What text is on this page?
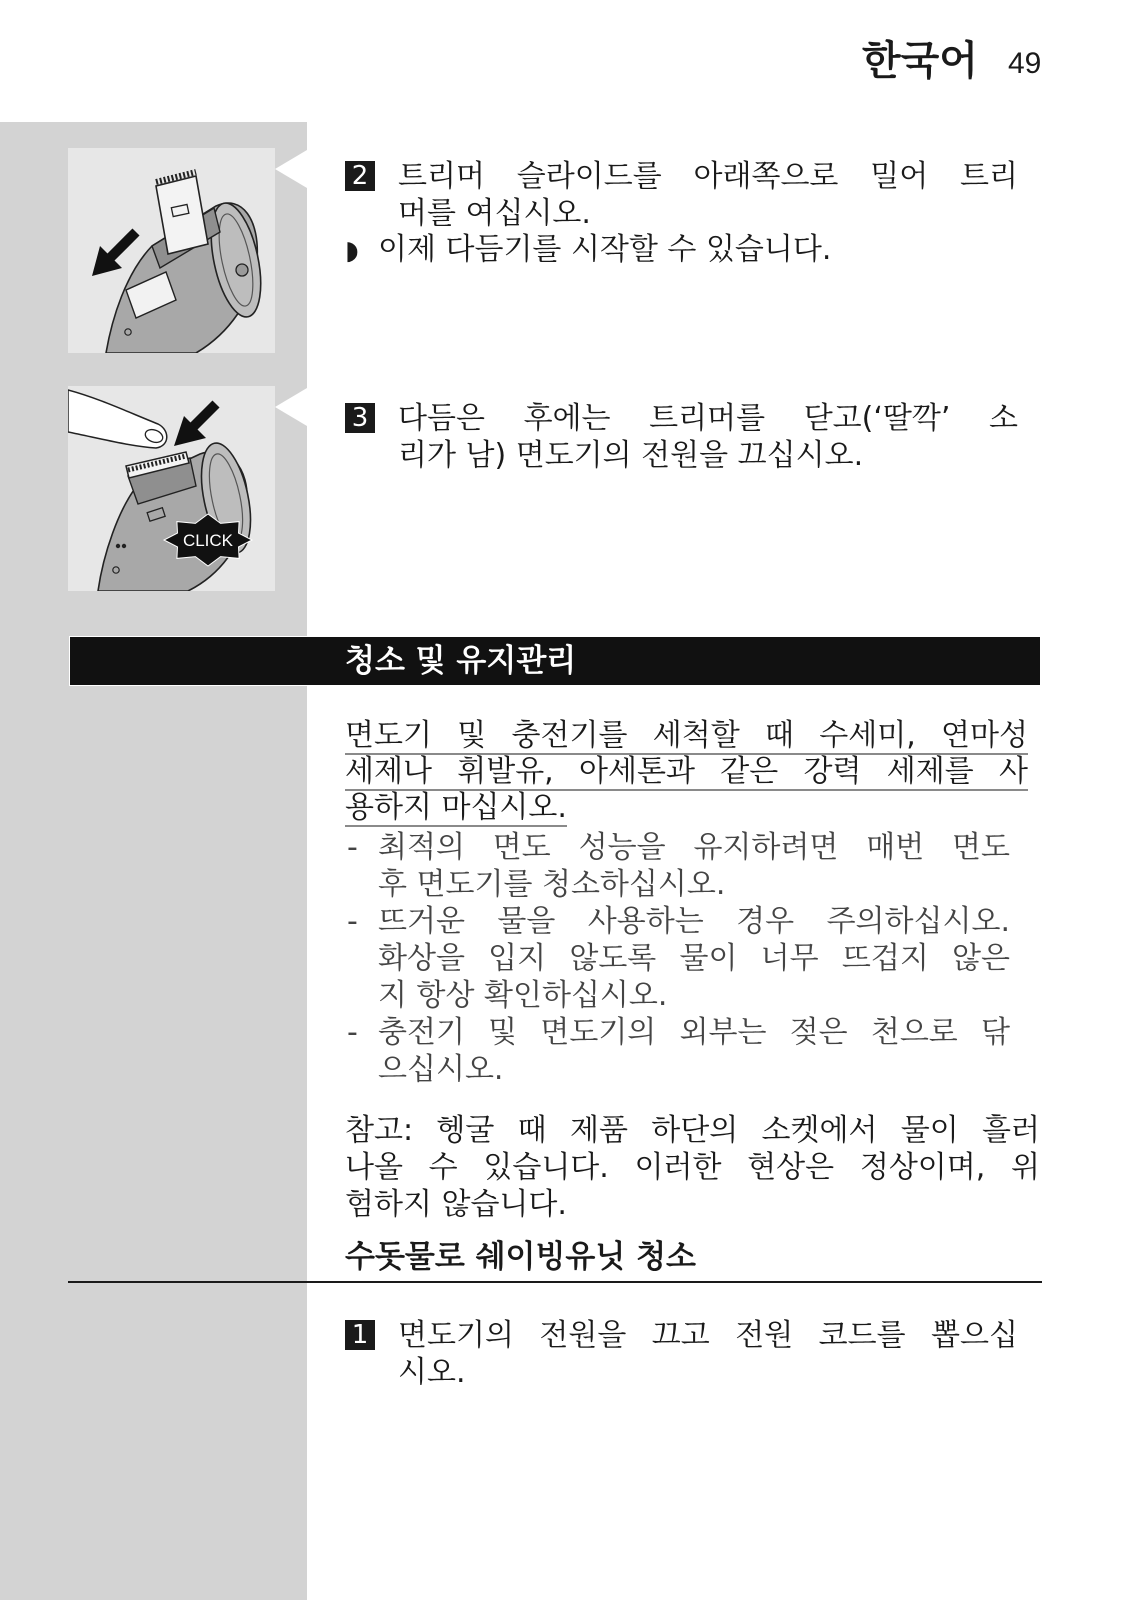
한국어 49
CLICK
2 트리머 슬라이드를 아래쪽으로 밀어 트리
머를 여십시오.
◗ 이제 다듬기를 시작할 수 있습니다.
3 다듬은 후에는 트리머를 닫고(‘딸깍’ 소
리가 남) 면도기의 전원을 끄십시오.
청소 및 유지관리
면도기 및 충전기를 세척할 때 수세미, 연마성
세제나 휘발유, 아세톤과 같은 강력 세제를 사
용하지 마십시오.
- 최적의 면도 성능을 유지하려면 매번 면도
후 면도기를 청소하십시오.
- 뜨거운 물을 사용하는 경우 주의하십시오.
화상을 입지 않도록 물이 너무 뜨겁지 않은
지 항상 확인하십시오.
- 충전기 및 면도기의 외부는 젖은 천으로 닦
으십시오.
참고: 헹굴 때 제품 하단의 소켓에서 물이 흘러
나올 수 있습니다. 이러한 현상은 정상이며, 위
험하지 않습니다.
수돗물로 쉐이빙유닛 청소
1 면도기의 전원을 끄고 전원 코드를 뽑으십
시오.
